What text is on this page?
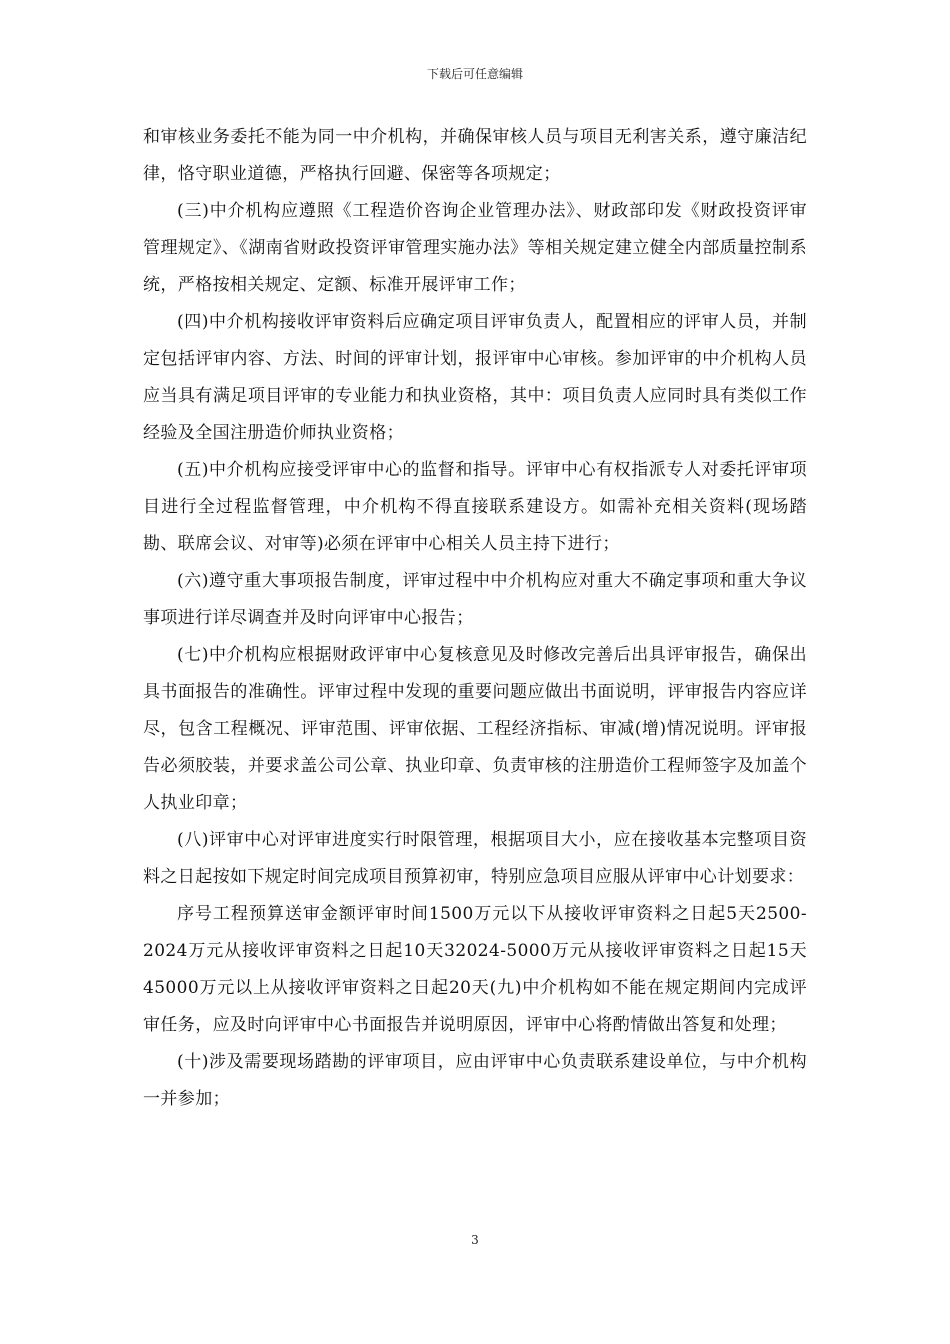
下载后可任意编辑

和审核业务委托不能为同一中介机构，并确保审核人员与项目无利害关系，遵守廉洁纪律，恪守职业道德，严格执行回避、保密等各项规定；

(三)中介机构应遵照《工程造价咨询企业管理办法》、财政部印发《财政投资评审管理规定》、《湖南省财政投资评审管理实施办法》等相关规定建立健全内部质量控制系统，严格按相关规定、定额、标准开展评审工作；

(四)中介机构接收评审资料后应确定项目评审负责人，配置相应的评审人员，并制定包括评审内容、方法、时间的评审计划，报评审中心审核。参加评审的中介机构人员应当具有满足项目评审的专业能力和执业资格，其中：项目负责人应同时具有类似工作经验及全国注册造价师执业资格；

(五)中介机构应接受评审中心的监督和指导。评审中心有权指派专人对委托评审项目进行全过程监督管理，中介机构不得直接联系建设方。如需补充相关资料(现场踏勘、联席会议、对审等)必须在评审中心相关人员主持下进行；

(六)遵守重大事项报告制度，评审过程中中介机构应对重大不确定事项和重大争议事项进行详尽调查并及时向评审中心报告；

(七)中介机构应根据财政评审中心复核意见及时修改完善后出具评审报告，确保出具书面报告的准确性。评审过程中发现的重要问题应做出书面说明，评审报告内容应详尽，包含工程概况、评审范围、评审依据、工程经济指标、审减(增)情况说明。评审报告必须胶装，并要求盖公司公章、执业印章、负责审核的注册造价工程师签字及加盖个人执业印章；

(八)评审中心对评审进度实行时限管理，根据项目大小，应在接收基本完整项目资料之日起按如下规定时间完成项目预算初审，特别应急项目应服从评审中心计划要求：

序号工程预算送审金额评审时间1500万元以下从接收评审资料之日起5天2500-2024万元从接收评审资料之日起10天32024-5000万元从接收评审资料之日起15天45000万元以上从接收评审资料之日起20天(九)中介机构如不能在规定期间内完成评审任务，应及时向评审中心书面报告并说明原因，评审中心将酌情做出答复和处理；

(十)涉及需要现场踏勘的评审项目，应由评审中心负责联系建设单位，与中介机构一并参加；

3
